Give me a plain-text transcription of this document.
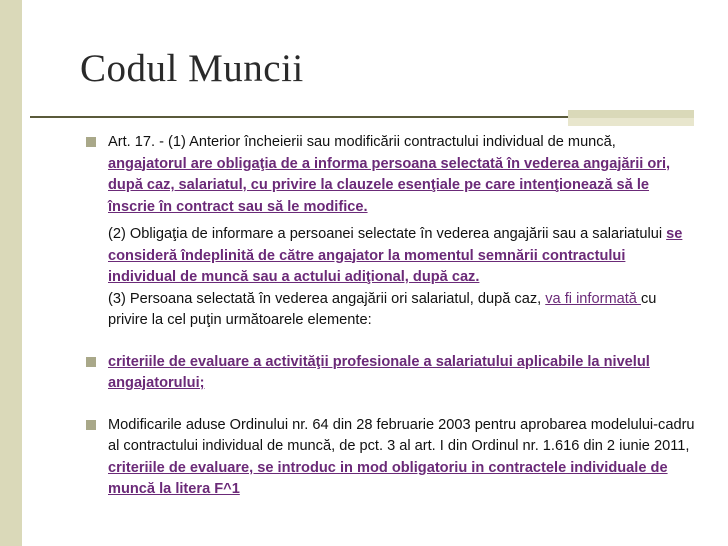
Codul Muncii

Art. 17. - (1) Anterior încheierii sau modificării contractului individual de muncă, angajatorul are obligaţia de a informa persoana selectată în vederea angajării ori, după caz, salariatul, cu privire la clauzele esenţiale pe care intenţionează să le înscrie în contract sau să le modifice.

(2) Obligaţia de informare a persoanei selectate în vederea angajării sau a salariatului se consideră îndeplinită de către angajator la momentul semnării contractului individual de muncă sau a actului adiţional, după caz.

(3) Persoana selectată în vederea angajării ori salariatul, după caz, va fi informată cu privire la cel puţin următoarele elemente:

criteriile de evaluare a activităţii profesionale a salariatului aplicabile la nivelul angajatorului;

Modificarile aduse Ordinului nr. 64 din 28 februarie 2003 pentru aprobarea modelului-cadru al contractului individual de muncă, de pct. 3 al art. I din Ordinul nr. 1.616 din 2 iunie 2011, criteriile de evaluare, se introduc in mod obligatoriu in contractele individuale de muncă la litera F^1
